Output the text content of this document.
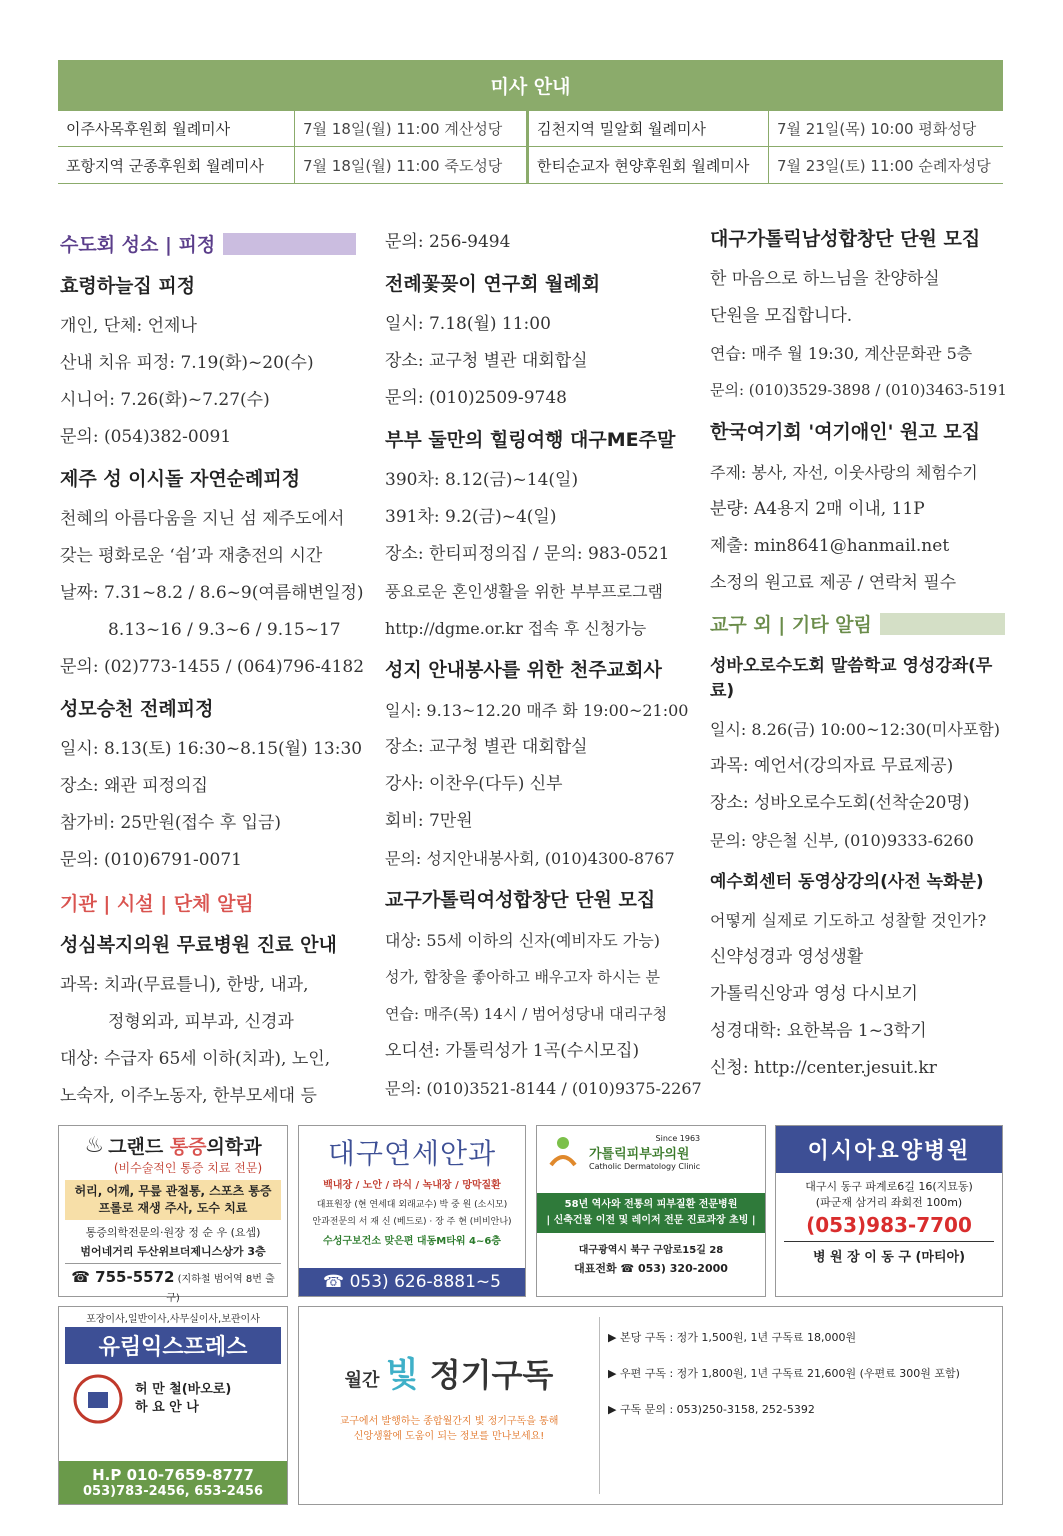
미사 안내
이주사목후원회 월례미사	7월 18일(월) 11:00 계산성당	김천지역 밀알회 월례미사	7월 21일(목) 10:00 평화성당
포항지역 군종후원회 월례미사	7월 18일(월) 11:00 죽도성당	한티순교자 현양후원회 월례미사	7월 23일(토) 11:00 순례자성당
수도회 성소 | 피정
효령하늘집 피정
개인, 단체: 언제나
산내 치유 피정: 7.19(화)~20(수)
시니어: 7.26(화)~7.27(수)
문의: (054)382-0091
제주 성 이시돌 자연순례피정
천혜의 아름다움을 지닌 섬 제주도에서
갖는 평화로운 ‘쉼’과 재충전의 시간
날짜: 7.31~8.2 / 8.6~9(여름해변일정)
8.13~16 / 9.3~6 / 9.15~17
문의: (02)773-1455 / (064)796-4182
성모승천 전례피정
일시: 8.13(토) 16:30~8.15(월) 13:30
장소: 왜관 피정의집
참가비: 25만원(접수 후 입금)
문의: (010)6791-0071
기관 | 시설 | 단체 알림
성심복지의원 무료병원 진료 안내
과목: 치과(무료틀니), 한방, 내과,
정형외과, 피부과, 신경과
대상: 수급자 65세 이하(치과), 노인,
노숙자, 이주노동자, 한부모세대 등
문의: 256-9494
전례꽃꽂이 연구회 월례회
일시: 7.18(월) 11:00
장소: 교구청 별관 대회합실
문의: (010)2509-9748
부부 둘만의 힐링여행 대구ME주말
390차: 8.12(금)~14(일)
391차: 9.2(금)~4(일)
장소: 한티피정의집 / 문의: 983-0521
풍요로운 혼인생활을 위한 부부프로그램
http://dgme.or.kr 접속 후 신청가능
성지 안내봉사를 위한 천주교회사
일시: 9.13~12.20 매주 화 19:00~21:00
장소: 교구청 별관 대회합실
강사: 이찬우(다두) 신부
회비: 7만원
문의: 성지안내봉사회, (010)4300-8767
교구가톨릭여성합창단 단원 모집
대상: 55세 이하의 신자(예비자도 가능)
성가, 합창을 좋아하고 배우고자 하시는 분
연습: 매주(목) 14시 / 범어성당내 대리구청
오디션: 가톨릭성가 1곡(수시모집)
문의: (010)3521-8144 / (010)9375-2267
대구가톨릭남성합창단 단원 모집
한 마음으로 하느님을 찬양하실
단원을 모집합니다.
연습: 매주 월 19:30, 계산문화관 5층
문의: (010)3529-3898 / (010)3463-5191
한국여기회 '여기애인' 원고 모집
주제: 봉사, 자선, 이웃사랑의 체험수기
분량: A4용지 2매 이내, 11P
제출: min8641@hanmail.net
소정의 원고료 제공 / 연락처 필수
교구 외 | 기타 알림
성바오로수도회 말씀학교 영성강좌(무료)
일시: 8.26(금) 10:00~12:30(미사포함)
과목: 예언서(강의자료 무료제공)
장소: 성바오로수도회(선착순20명)
문의: 양은철 신부, (010)9333-6260
예수회센터 동영상강의(사전 녹화분)
어떻게 실제로 기도하고 성찰할 것인가?
신약성경과 영성생활
가톨릭신앙과 영성 다시보기
성경대학: 요한복음 1~3학기
신청: http://center.jesuit.kr
♨ 그랜드 통증의학과
(비수술적인 통증 치료 전문)
허리, 어깨, 무릎 관절통, 스포츠 통증
프롤로 재생 주사, 도수 치료
통증의학전문의·원장 정 순 우 (요셉)
범어네거리 두산위브더제니스상가 3층
☎ 755-5572 (지하철 범어역 8번 출구)
대구연세안과
백내장 / 노안 / 라식 / 녹내장 / 망막질환
대표원장 (현 연세대 외래교수) 박 중 원 (소시모)
안과전문의 서 재 신 (베드로) · 장 주 현 (비비안나)
수성구보건소 맞은편 대동M타워 4~6층
☎ 053) 626-8881~5
Since 1963
가톨릭피부과의원
Catholic Dermatology Clinic
58년 역사와 전통의 피부질환 전문병원
| 신축건물 이전 및 레이저 전문 진료과장 초빙 |
대구광역시 북구 구암로15길 28
대표전화 ☎ 053) 320-2000
이시아요양병원
대구시 동구 파계로6길 16(지묘동)
(파군재 삼거리 좌회전 100m)
(053)983-7700
병 원 장 이 동 구 (마티아)
포장이사,일반이사,사무실이사,보관이사
유림익스프레스
허 만 철(바오로)
하 요 안 나
H.P 010-7659-8777
053)783-2456, 653-2456
월간 빛 정기구독
교구에서 발행하는 종합월간지 빛 정기구독을 통해
신앙생활에 도움이 되는 정보를 만나보세요!
▶ 본당 구독 : 정가 1,500원, 1년 구독료 18,000원
▶ 우편 구독 : 정가 1,800원, 1년 구독료 21,600원 (우편료 300원 포함)
▶ 구독 문의 : 053)250-3158, 252-5392
